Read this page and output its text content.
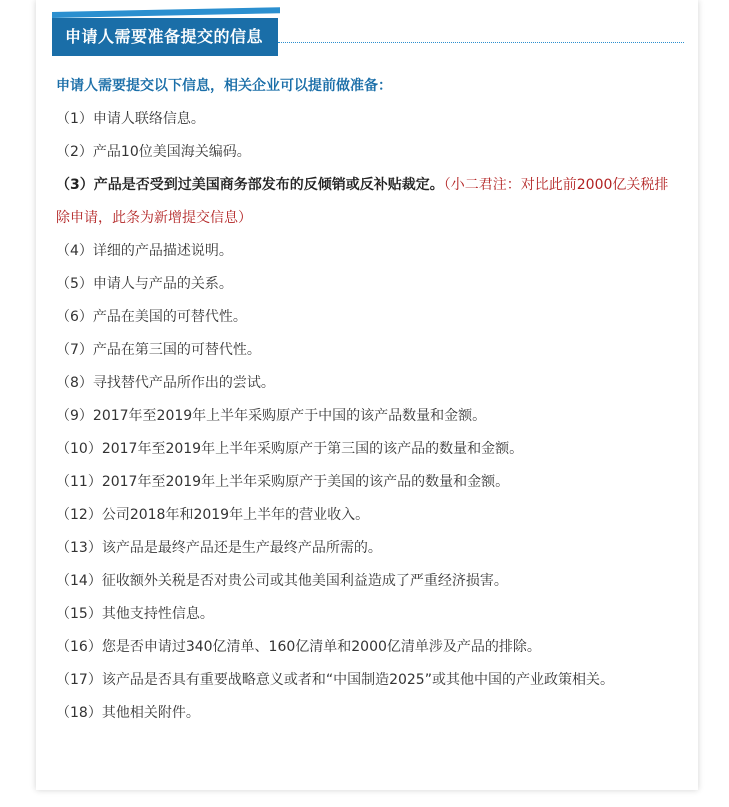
申请人需要准备提交的信息
申请人需要提交以下信息，相关企业可以提前做准备：
（1）申请人联络信息。
（2）产品10位美国海关编码。
（3）产品是否受到过美国商务部发布的反倾销或反补贴裁定。（小二君注：对比此前2000亿关税排除申请，此条为新增提交信息）
（4）详细的产品描述说明。
（5）申请人与产品的关系。
（6）产品在美国的可替代性。
（7）产品在第三国的可替代性。
（8）寻找替代产品所作出的尝试。
（9）2017年至2019年上半年采购原产于中国的该产品数量和金额。
（10）2017年至2019年上半年采购原产于第三国的该产品的数量和金额。
（11）2017年至2019年上半年采购原产于美国的该产品的数量和金额。
（12）公司2018年和2019年上半年的营业收入。
（13）该产品是最终产品还是生产最终产品所需的。
（14）征收额外关税是否对贵公司或其他美国利益造成了严重经济损害。
（15）其他支持性信息。
（16）您是否申请过340亿清单、160亿清单和2000亿清单涉及产品的排除。
（17）该产品是否具有重要战略意义或者和“中国制造2025”或其他中国的产业政策相关。
（18）其他相关附件。
